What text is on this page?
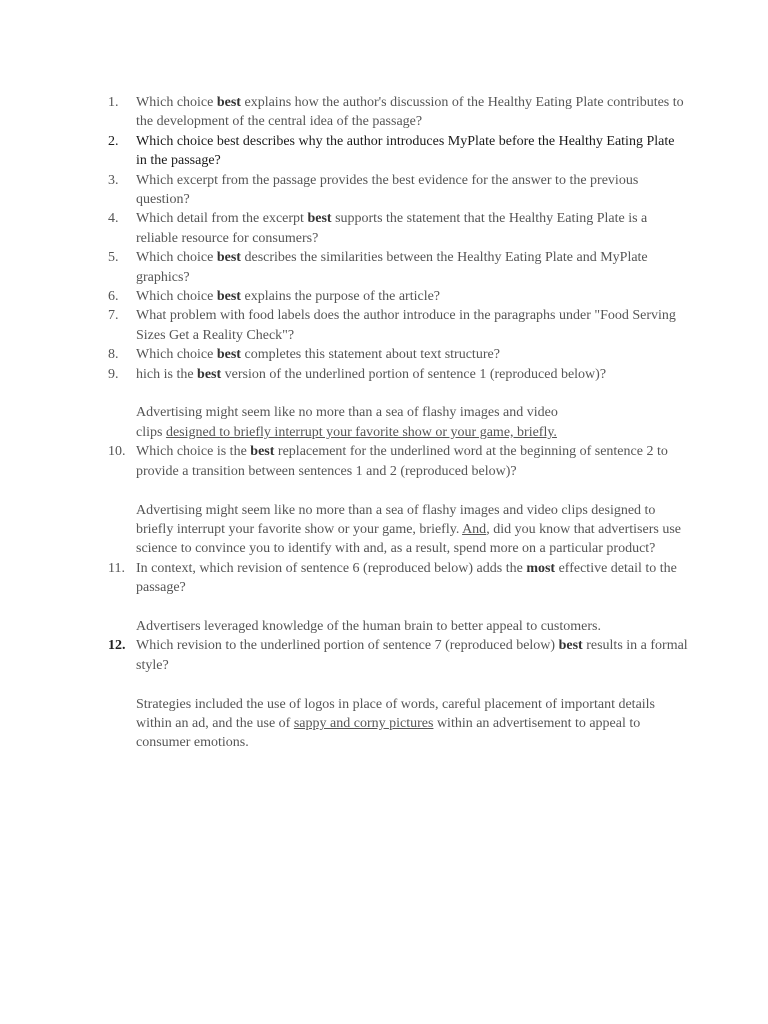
1.	Which choice best explains how the author's discussion of the Healthy Eating Plate contributes to the development of the central idea of the passage?
2.	Which choice best describes why the author introduces MyPlate before the Healthy Eating Plate in the passage?
3.	Which excerpt from the passage provides the best evidence for the answer to the previous question?
4.	Which detail from the excerpt best supports the statement that the Healthy Eating Plate is a reliable resource for consumers?
5.	Which choice best describes the similarities between the Healthy Eating Plate and MyPlate graphics?
6.	Which choice best explains the purpose of the article?
7.	What problem with food labels does the author introduce in the paragraphs under "Food Serving Sizes Get a Reality Check"?
8.	Which choice best completes this statement about text structure?
9.	hich is the best version of the underlined portion of sentence 1 (reproduced below)?
Advertising might seem like no more than a sea of flashy images and video
clips designed to briefly interrupt your favorite show or your game, briefly.
10. Which choice is the best replacement for the underlined word at the beginning of sentence 2 to provide a transition between sentences 1 and 2 (reproduced below)?
Advertising might seem like no more than a sea of flashy images and video clips designed to briefly interrupt your favorite show or your game, briefly. And, did you know that advertisers use science to convince you to identify with and, as a result, spend more on a particular product?
11. In context, which revision of sentence 6 (reproduced below) adds the most effective detail to the passage?
Advertisers leveraged knowledge of the human brain to better appeal to customers.
12. Which revision to the underlined portion of sentence 7 (reproduced below) best results in a formal style?
Strategies included the use of logos in place of words, careful placement of important details within an ad, and the use of sappy and corny pictures within an advertisement to appeal to consumer emotions.
